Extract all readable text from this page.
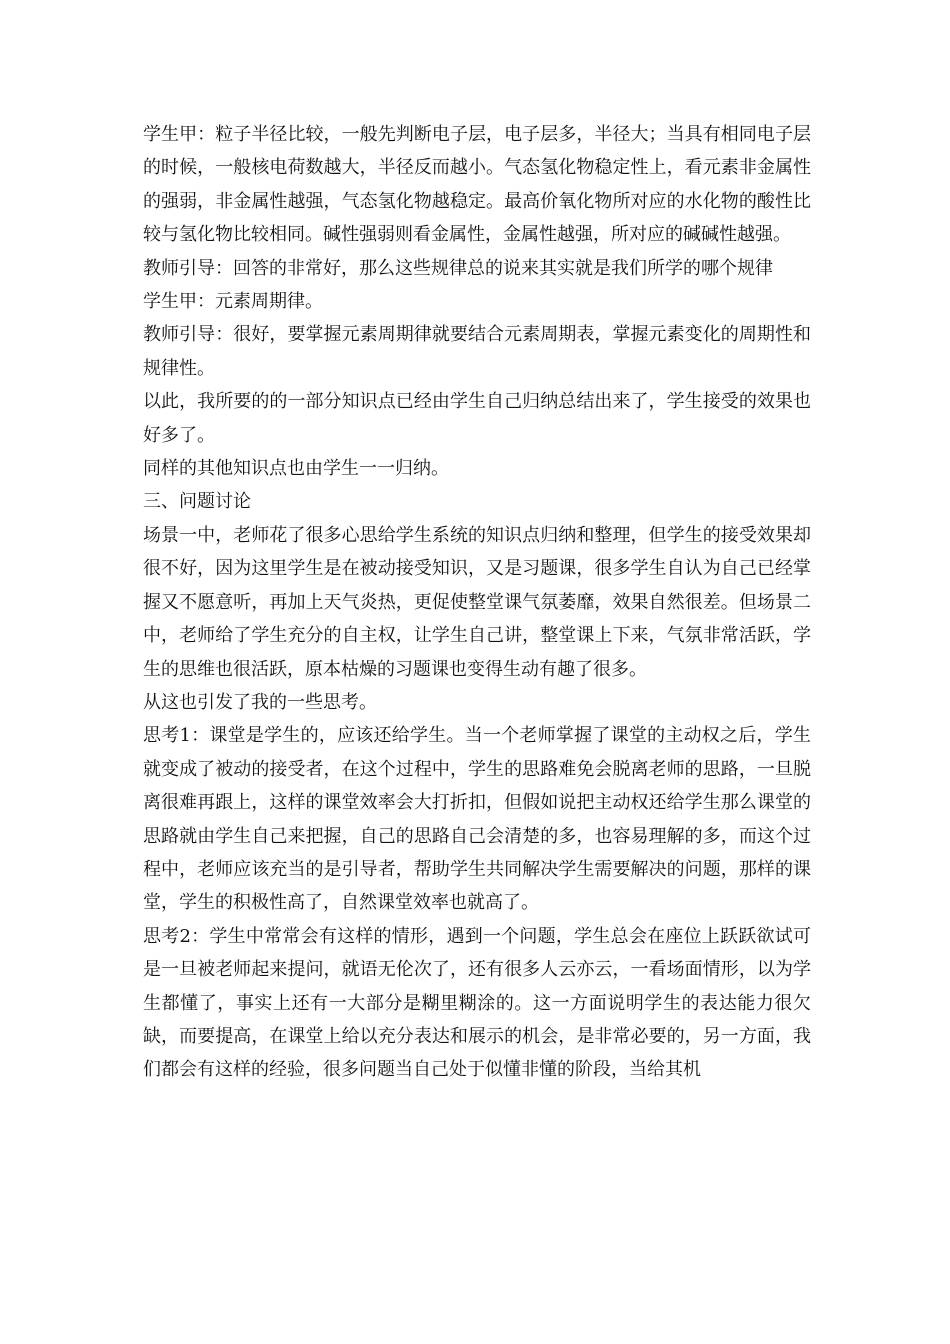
学生甲：粒子半径比较，一般先判断电子层，电子层多，半径大；当具有相同电子层的时候，一般核电荷数越大，半径反而越小。气态氢化物稳定性上，看元素非金属性的强弱，非金属性越强，气态氢化物越稳定。最高价氧化物所对应的水化物的酸性比较与氢化物比较相同。碱性强弱则看金属性，金属性越强，所对应的碱碱性越强。

教师引导：回答的非常好，那么这些规律总的说来其实就是我们所学的哪个规律

学生甲：元素周期律。

教师引导：很好，要掌握元素周期律就要结合元素周期表，掌握元素变化的周期性和规律性。

以此，我所要的的一部分知识点已经由学生自己归纳总结出来了，学生接受的效果也好多了。

同样的其他知识点也由学生一一归纳。

三、问题讨论

场景一中，老师花了很多心思给学生系统的知识点归纳和整理，但学生的接受效果却很不好，因为这里学生是在被动接受知识，又是习题课，很多学生自认为自己已经掌握又不愿意听，再加上天气炎热，更促使整堂课气氛萎靡，效果自然很差。但场景二中，老师给了学生充分的自主权，让学生自己讲，整堂课上下来，气氛非常活跃，学生的思维也很活跃，原本枯燥的习题课也变得生动有趣了很多。

从这也引发了我的一些思考。

思考1：课堂是学生的，应该还给学生。当一个老师掌握了课堂的主动权之后，学生就变成了被动的接受者，在这个过程中，学生的思路难免会脱离老师的思路，一旦脱离很难再跟上，这样的课堂效率会大打折扣，但假如说把主动权还给学生那么课堂的思路就由学生自己来把握，自己的思路自己会清楚的多，也容易理解的多，而这个过程中，老师应该充当的是引导者，帮助学生共同解决学生需要解决的问题，那样的课堂，学生的积极性高了，自然课堂效率也就高了。

思考2：学生中常常会有这样的情形，遇到一个问题，学生总会在座位上跃跃欲试可是一旦被老师起来提问，就语无伦次了，还有很多人云亦云，一看场面情形，以为学生都懂了，事实上还有一大部分是糊里糊涂的。这一方面说明学生的表达能力很欠缺，而要提高，在课堂上给以充分表达和展示的机会，是非常必要的，另一方面，我们都会有这样的经验，很多问题当自己处于似懂非懂的阶段，当给其机
